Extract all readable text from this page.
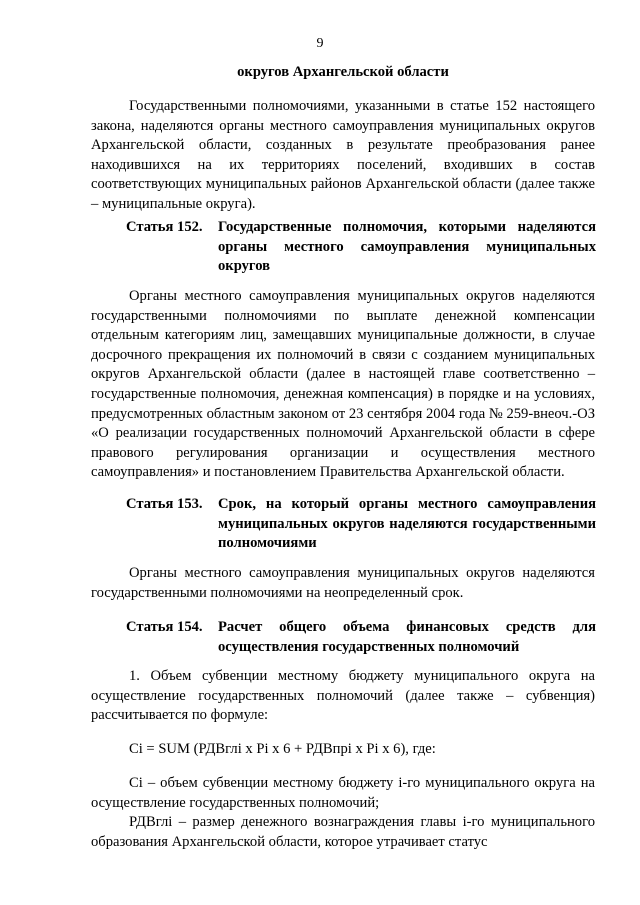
9
округов Архангельской области
Государственными полномочиями, указанными в статье 152 настоящего закона, наделяются органы местного самоуправления муниципальных округов Архангельской области, созданных в результате преобразования ранее находившихся на их территориях поселений, входивших в состав соответствующих муниципальных районов Архангельской области (далее также – муниципальные округа).
Статья 152.	Государственные полномочия, которыми наделяются органы местного самоуправления муниципальных округов
Органы местного самоуправления муниципальных округов наделяются государственными полномочиями по выплате денежной компенсации отдельным категориям лиц, замещавших муниципальные должности, в случае досрочного прекращения их полномочий в связи с созданием муниципальных округов Архангельской области (далее в настоящей главе соответственно – государственные полномочия, денежная компенсация) в порядке и на условиях, предусмотренных областным законом от 23 сентября 2004 года № 259-внеоч.-ОЗ «О реализации государственных полномочий Архангельской области в сфере правового регулирования организации и осуществления местного самоуправления» и постановлением Правительства Архангельской области.
Статья 153.	Срок, на который органы местного самоуправления муниципальных округов наделяются государственными полномочиями
Органы местного самоуправления муниципальных округов наделяются государственными полномочиями на неопределенный срок.
Статья 154.	Расчет общего объема финансовых средств для осуществления государственных полномочий
1. Объем субвенции местному бюджету муниципального округа на осуществление государственных полномочий (далее также – субвенция) рассчитывается по формуле:
Ci = SUM (РДВглi x Pi x 6 + РДВпрi x Pi x 6), где:
Ci – объем субвенции местному бюджету i-го муниципального округа на осуществление государственных полномочий;
РДВглi – размер денежного вознаграждения главы i-го муниципального образования Архангельской области, которое утрачивает статус
